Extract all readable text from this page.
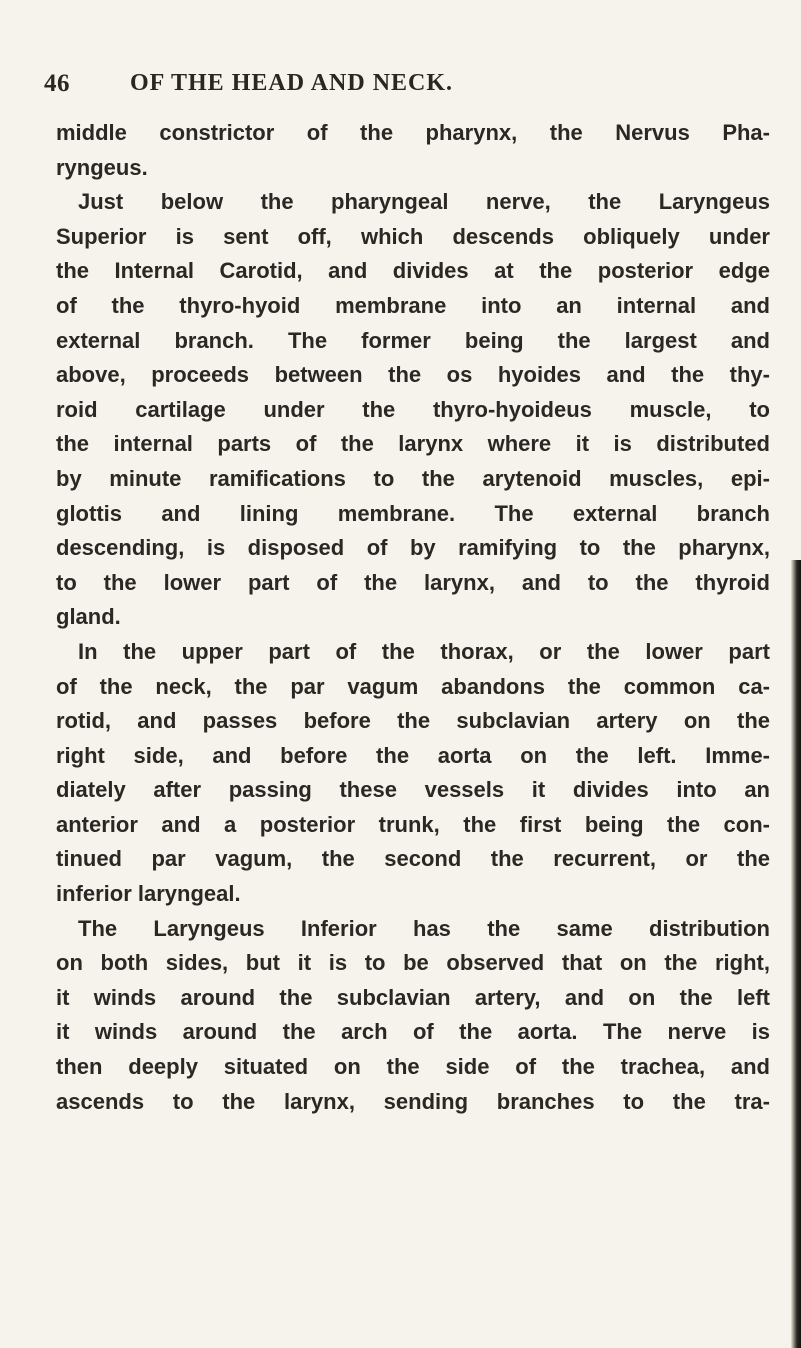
46	OF THE HEAD AND NECK.
middle constrictor of the pharynx, the Nervus Pha-
ryngeus.
Just below the pharyngeal nerve, the Laryngeus
Superior is sent off, which descends obliquely under
the Internal Carotid, and divides at the posterior edge
of the thyro-hyoid membrane into an internal and
external branch. The former being the largest and
above, proceeds between the os hyoides and the thy-
roid cartilage under the thyro-hyoideus muscle, to
the internal parts of the larynx where it is distributed
by minute ramifications to the arytenoid muscles, epi-
glottis and lining membrane. The external branch
descending, is disposed of by ramifying to the pharynx,
to the lower part of the larynx, and to the thyroid
gland.
In the upper part of the thorax, or the lower part
of the neck, the par vagum abandons the common ca-
rotid, and passes before the subclavian artery on the
right side, and before the aorta on the left. Imme-
diately after passing these vessels it divides into an
anterior and a posterior trunk, the first being the con-
tinued par vagum, the second the recurrent, or the
inferior laryngeal.
The Laryngeus Inferior has the same distribution
on both sides, but it is to be observed that on the right,
it winds around the subclavian artery, and on the left
it winds around the arch of the aorta. The nerve is
then deeply situated on the side of the trachea, and
ascends to the larynx, sending branches to the tra-
